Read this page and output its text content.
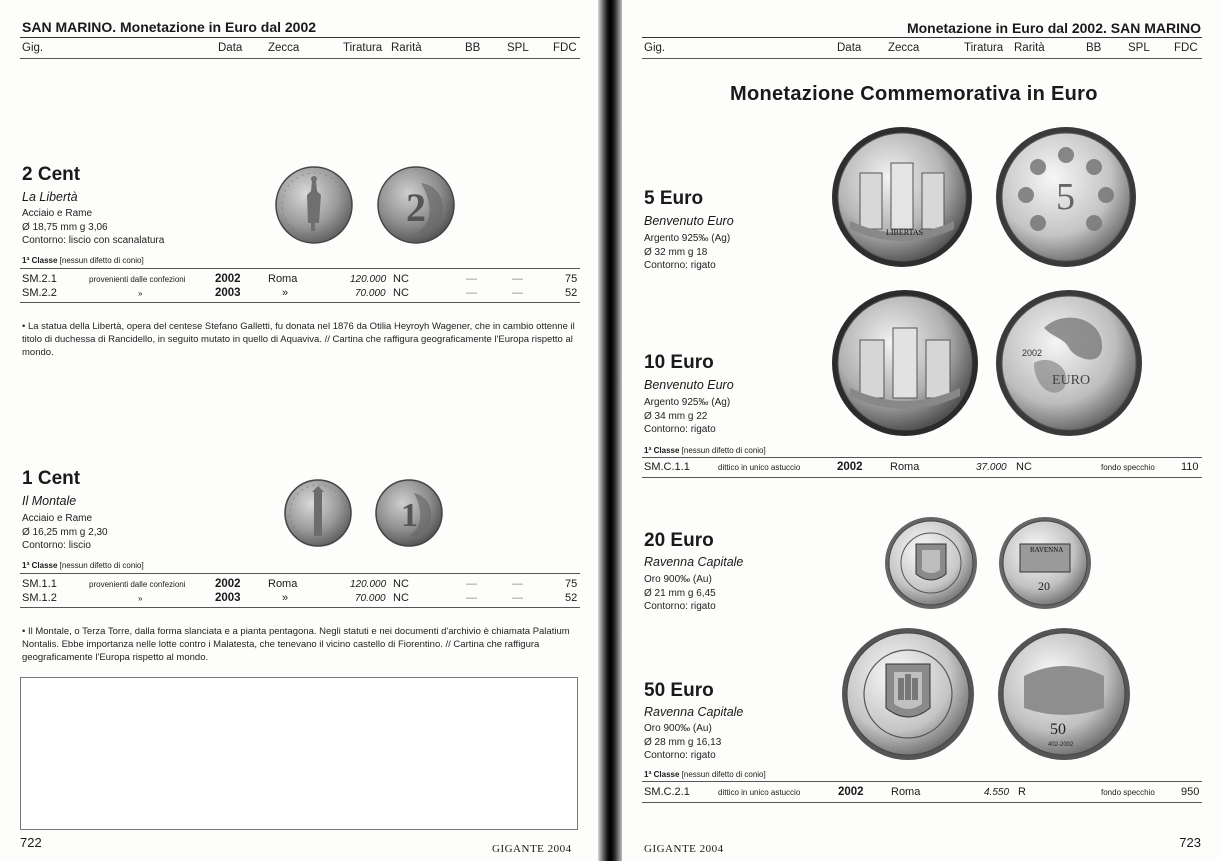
SAN MARINO. Monetazione in Euro dal 2002
Gig.	Data Zecca	Tiratura Rarità	BB SPL FDC
2 Cent
La Libertà
Acciaio e Rame
Ø 18,75 mm g 3,06
Contorno: liscio con scanalatura
2
1ª Classe [nessun difetto di conio]
SM.2.1	provenienti dalle confezioni	2002 Roma	120.000 NC	—	—	75
SM.2.2	»	2003	»	70.000 NC	—	—	52
• La statua della Libertà, opera del centese Stefano Galletti, fu donata nel 1876 da Otilia Heyroyh Wagener, che in cambio ottenne il titolo di duchessa di Rancidello, in seguito mutato in quello di Aquaviva. // Cartina che raffigura geograficamente l'Europa rispetto al mondo.
1 Cent
Il Montale
Acciaio e Rame
Ø 16,25 mm g 2,30
Contorno: liscio
1
1ª Classe [nessun difetto di conio]
SM.1.1	provenienti dalle confezioni	2002 Roma	120.000 NC	—	—	75
SM.1.2	»	2003	»	70.000 NC	—	—	52
• Il Montale, o Terza Torre, dalla forma slanciata e a pianta pentagona. Negli statuti e nei documenti d'archivio è chiamata Palatium Nontalis. Ebbe importanza nelle lotte contro i Malatesta, che tenevano il vicino castello di Fiorentino. // Cartina che raffigura geograficamente l'Europa rispetto al mondo.
722	GIGANTE 2004
Monetazione in Euro dal 2002. SAN MARINO
Gig.	Data Zecca	Tiratura Rarità	BB SPL FDC
Monetazione Commemorativa in Euro
5 Euro
Benvenuto Euro
Argento 925‰ (Ag)
Ø 32 mm g 18
Contorno: rigato
10 Euro
Benvenuto Euro
Argento 925‰ (Ag)
Ø 34 mm g 22
Contorno: rigato
LIBERTAS
5
2002
EURO
1ª Classe [nessun difetto di conio]
SM.C.1.1	dittico in unico astuccio	2002 Roma	37.000 NC	fondo specchio 110
20 Euro
Ravenna Capitale
Oro 900‰ (Au)
Ø 21 mm g 6,45
Contorno: rigato
RAVENNA
20
50 Euro
Ravenna Capitale
Oro 900‰ (Au)
Ø 28 mm g 16,13
Contorno: rigato
50
402-2002
1ª Classe [nessun difetto di conio]
SM.C.2.1	dittico in unico astuccio	2002 Roma	4.550 R	fondo specchio 950
GIGANTE 2004	723
